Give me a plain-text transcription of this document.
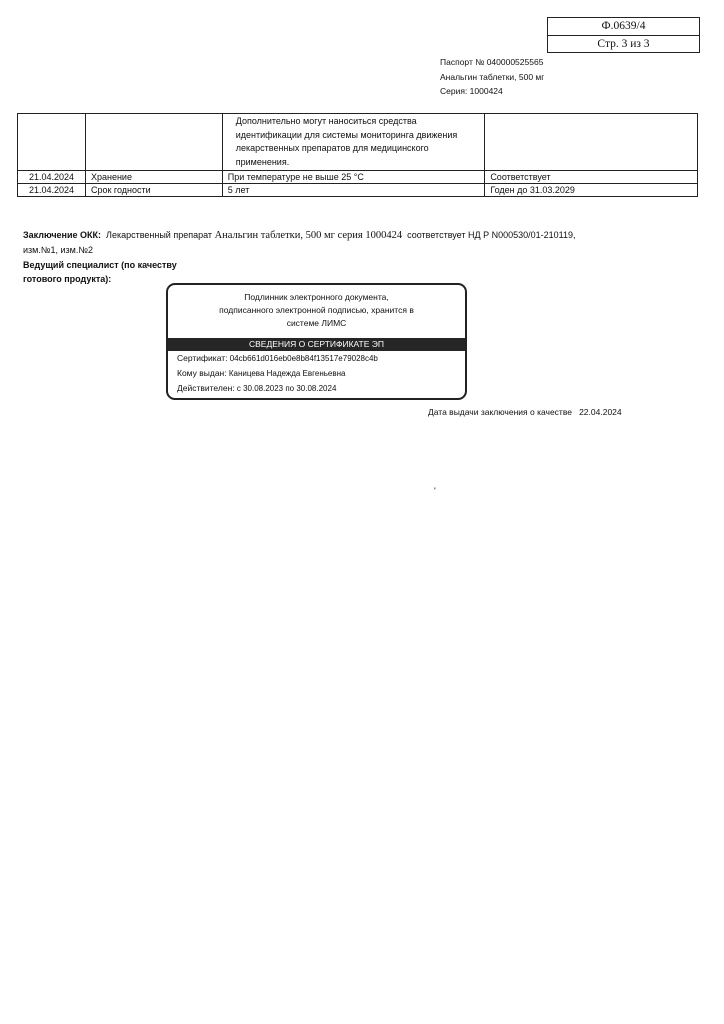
Ф.0639/4
Стр. 3 из 3
Паспорт № 040000525565
Анальгин таблетки, 500 мг
Серия: 1000424
		Дополнительно могут наноситься средства идентификации для системы мониторинга движения лекарственных препаратов для медицинского применения.	
21.04.2024	Хранение	При температуре не выше 25 °С	Соответствует
21.04.2024	Срок годности	5 лет	Годен до 31.03.2029
Заключение ОКК: Лекарственный препарат Анальгин таблетки, 500 мг серия 1000424 соответствует НД Р N000530/01-210119,
изм.№1, изм.№2
Ведущий специалист (по качеству
готового продукта):
Подлинник электронного документа,
подписанного электронной подписью, хранится в
системе ЛИМС
СВЕДЕНИЯ О СЕРТИФИКАТЕ ЭП
Сертификат: 04cb661d016eb0e8b84f13517e79028c4b
Кому выдан: Каницева Надежда Евгеньевна
Действителен: с 30.08.2023 по 30.08.2024
Дата выдачи заключения о качестве 22.04.2024
'
